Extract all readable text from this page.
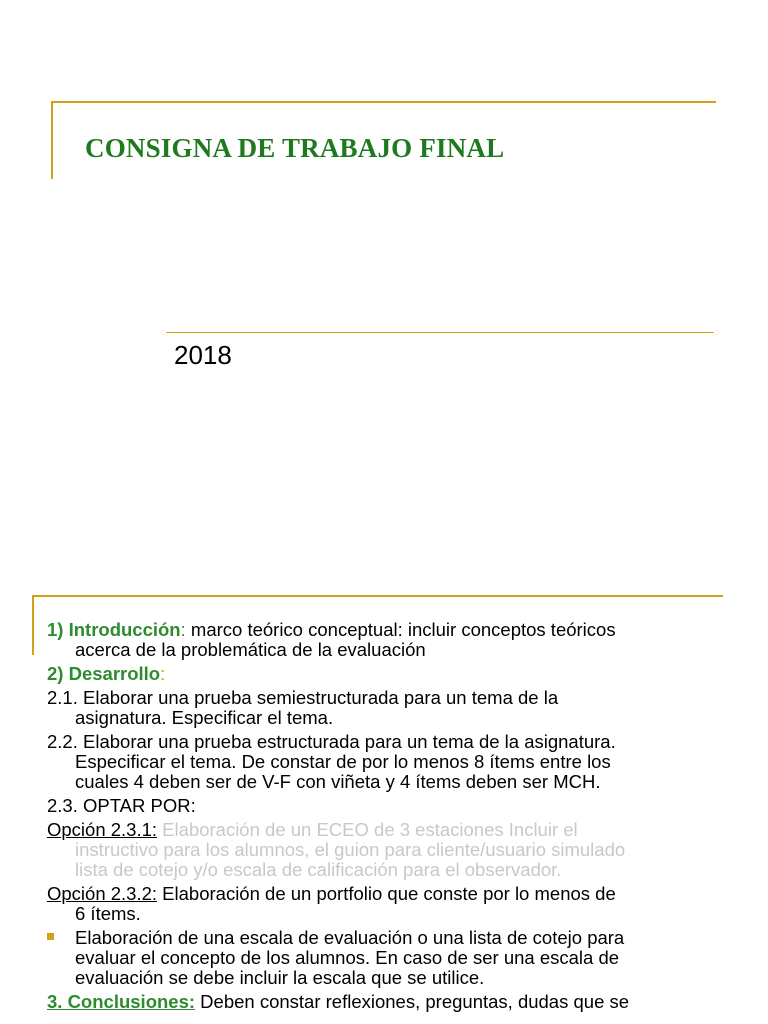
CONSIGNA DE TRABAJO FINAL
2018
1) Introducción: marco teórico conceptual: incluir conceptos teóricos
acerca de la problemática de la evaluación
2) Desarrollo:
2.1. Elaborar una prueba semiestructurada para un tema de la
asignatura. Especificar el tema.
2.2. Elaborar una prueba estructurada para un tema de la asignatura.
Especificar el tema. De constar de por lo menos 8 ítems entre los
cuales 4 deben ser de V-F con viñeta y 4 ítems deben ser MCH.
2.3. OPTAR POR:
Opción 2.3.1: Elaboración de un ECEO de 3 estaciones Incluir el
instructivo para los alumnos, el guion para cliente/usuario simulado
lista de cotejo y/o escala de calificación para el observador.
Opción 2.3.2: Elaboración de un portfolio que conste por lo menos de
6 ítems.
Elaboración de una escala de evaluación o una lista de cotejo para
evaluar el concepto de los alumnos. En caso de ser una escala de
evaluación se debe incluir la escala que se utilice.
3. Conclusiones: Deben constar reflexiones, preguntas, dudas que se
